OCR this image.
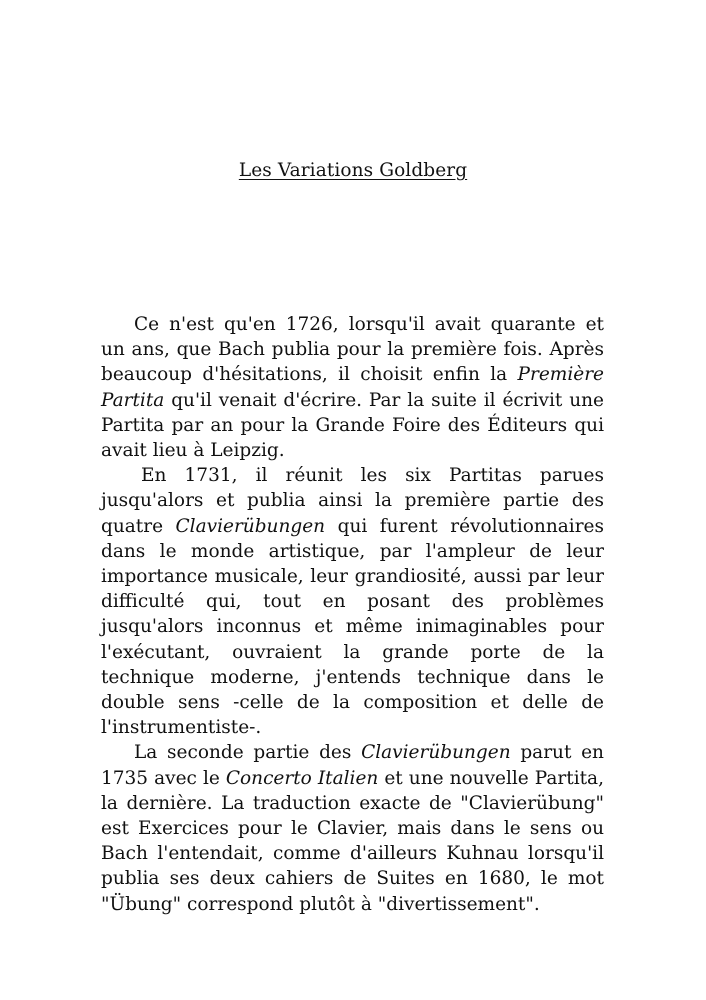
Les Variations Goldberg

Ce n'est qu'en 1726, lorsqu'il avait quarante et un ans, que Bach publia pour la première fois. Après beaucoup d'hésitations, il choisit enfin la Première Partita qu'il venait d'écrire. Par la suite il écrivit une Partita par an pour la Grande Foire des Éditeurs qui avait lieu à Leipzig.

En 1731, il réunit les six Partitas parues jusqu'alors et publia ainsi la première partie des quatre Clavierübungen qui furent révolutionnaires dans le monde artistique, par l'ampleur de leur importance musicale, leur grandiosité, aussi par leur difficulté qui, tout en posant des problèmes jusqu'alors inconnus et même inimaginables pour l'exécutant, ouvraient la grande porte de la technique moderne, j'entends technique dans le double sens -celle de la composition et delle de l'instrumentiste-.

La seconde partie des Clavierübungen parut en 1735 avec le Concerto Italien et une nouvelle Partita, la dernière. La traduction exacte de "Clavierübung" est Exercices pour le Clavier, mais dans le sens ou Bach l'entendait, comme d'ailleurs Kuhnau lorsqu'il publia ses deux cahiers de Suites en 1680, le mot "Übung" correspond plutôt à "divertissement".
